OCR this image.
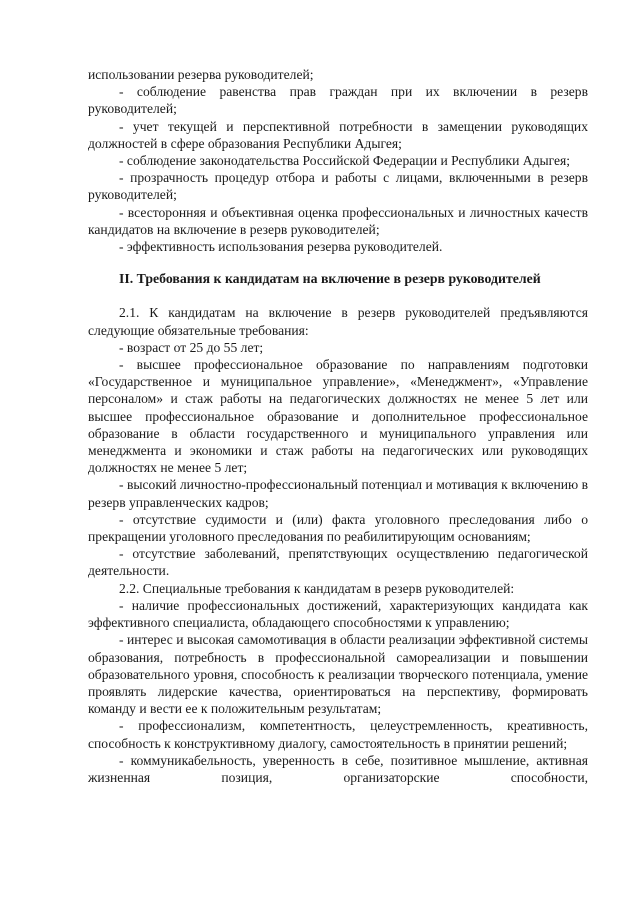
использовании резерва руководителей;

- соблюдение равенства прав граждан при их включении в резерв руководителей;

- учет текущей и перспективной потребности в замещении руководящих должностей в сфере образования Республики Адыгея;

- соблюдение законодательства Российской Федерации и Республики Адыгея;

- прозрачность процедур отбора и работы с лицами, включенными в резерв руководителей;

- всесторонняя и объективная оценка профессиональных и личностных качеств кандидатов на включение в резерв руководителей;

- эффективность использования резерва руководителей.

II. Требования к кандидатам на включение в резерв руководителей

2.1. К кандидатам на включение в резерв руководителей предъявляются следующие обязательные требования:

- возраст от 25 до 55 лет;

- высшее профессиональное образование по направлениям подготовки «Государственное и муниципальное управление», «Менеджмент», «Управление персоналом» и стаж работы на педагогических должностях не менее 5 лет или высшее профессиональное образование и дополнительное профессиональное образование в области государственного и муниципального управления или менеджмента и экономики и стаж работы на педагогических или руководящих должностях не менее 5 лет;

- высокий личностно-профессиональный потенциал и мотивация к включению в резерв управленческих кадров;

- отсутствие судимости и (или) факта уголовного преследования либо о прекращении уголовного преследования по реабилитирующим основаниям;

- отсутствие заболеваний, препятствующих осуществлению педагогической деятельности.

2.2. Специальные требования к кандидатам в резерв руководителей:

- наличие профессиональных достижений, характеризующих кандидата как эффективного специалиста, обладающего способностями к управлению;

- интерес и высокая самомотивация в области реализации эффективной системы образования, потребность в профессиональной самореализации и повышении образовательного уровня, способность к реализации творческого потенциала, умение проявлять лидерские качества, ориентироваться на перспективу, формировать команду и вести ее к положительным результатам;

- профессионализм, компетентность, целеустремленность, креативность, способность к конструктивному диалогу, самостоятельность в принятии решений;

- коммуникабельность, уверенность в себе, позитивное мышление, активная жизненная позиция, организаторские способности,
